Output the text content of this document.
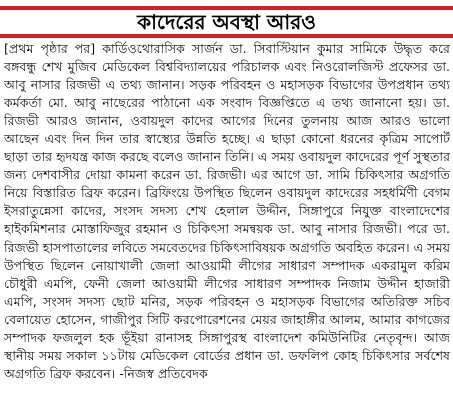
কাদেরের অবস্থা আরও

[প্রথম পৃষ্ঠার পর] কার্ডিওথোরাসিক সার্জন ডা. সিবাস্টিয়ান কুমার সামিকে উদ্ধৃত করে বঙ্গবন্ধু শেখ মুজিব মেডিকেল বিশ্ববিদ্যালয়ের পরিচালক এবং নিওরোলজিস্ট প্রফেসর ডা. আবু নাসার রিজভী এ তথ্য জানান। সড়ক পরিবহন ও মহাসড়ক বিভাগের উপপ্রধান তথ্য কর্মকর্তা মো. আবু নাছেরের পাঠানো এক সংবাদ বিজ্ঞপ্তিতে এ তথ্য জানানো হয়। ডা. রিজভী আরও জানান, ওবায়দুল কাদের আগের দিনের তুলনায় আজ আরও ভালো আছেন এবং দিন দিন তার স্বাস্থ্যের উন্নতি হচ্ছে। এ ছাড়া কোনো ধরনের কৃত্রিম সাপোর্ট ছাড়া তার হৃদযন্ত্র কাজ করছে বলেও জানান তিনি। এ সময় ওবায়দুল কাদেরের পূর্ণ সুস্থতার জন্য দেশবাসীর দোয়া কামনা করেন ডা. রিজভী। এর আগে ডা. সামি চিকিৎসার অগ্রগতি নিয়ে বিস্তারিত ব্রিফ করেন। ব্রিফিংয়ে উপস্থিত ছিলেন ওবায়দুল কাদেরের সহধর্মিণী বেগম ইসরাতুন্নেসা কাদের, সংসদ সদস্য শেখ হেলাল উদ্দীন, সিঙ্গাপুরে নিযুক্ত বাংলাদেশের হাইকমিশনার মোস্তাফিজুর রহমান ও চিকিৎসা সমন্বয়ক ডা. আবু নাসার রিজভী। পরে ডা. রিজভী হাসপাতালের লবিতে সমবেতদের চিকিৎসাবিষয়ক অগ্রগতি অবহিত করেন। এ সময় উপস্থিত ছিলেন নোয়াখালী জেলা আওয়ামী লীগের সাধারণ সম্পাদক একরামুল করিম চৌধুরী এমপি, ফেনী জেলা আওয়ামী লীগের সাধারণ সম্পাদক নিজাম উদ্দীন হাজারী এমপি, সংসদ সদস্য ছোট মনির, সড়ক পরিবহন ও মহাসড়ক বিভাগের অতিরিক্ত সচিব বেলায়েত হোসেন, গাজীপুর সিটি করপোরেশনের মেয়র জাহাঙ্গীর আলম, আমার কাগজের সম্পাদক ফজলুল হক ভূঁইয়া রানাসহ সিঙ্গাপুরস্থ বাংলাদেশ কমিউনিটির নেতৃবৃন্দ। আজ স্থানীয় সময় সকাল ১১টায় মেডিকেল বোর্ডের প্রধান ডা. ডফলিপ কোহ চিকিৎসার সর্বশেষ অগ্রগতি ব্রিফ করবেন। -নিজস্ব প্রতিবেদক
